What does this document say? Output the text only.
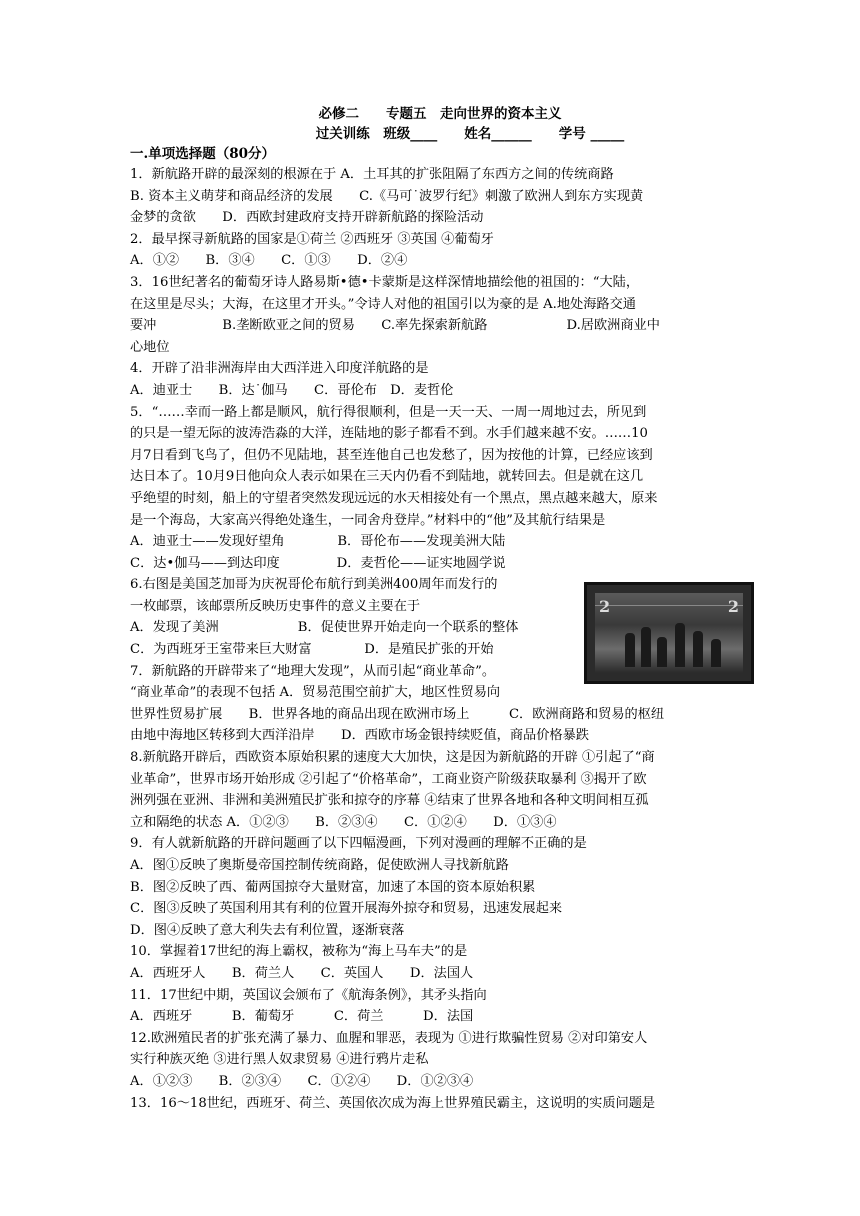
必修二　　专题五　走向世界的资本主义
过关训练　班级____　　姓名______　　学号 _____
一.单项选择题（80分）
1．新航路开辟的最深刻的根源在于 A．土耳其的扩张阻隔了东西方之间的传统商路
B. 资本主义萌芽和商品经济的发展　　C.《马可˙波罗行纪》刺激了欧洲人到东方实现黄
金梦的贪欲　　D．西欧封建政府支持开辟新航路的探险活动
2．最早探寻新航路的国家是①荷兰 ②西班牙 ③英国 ④葡萄牙
A．①②　　B．③④　　C．①③　　D．②④
3．16世纪著名的葡萄牙诗人路易斯•德•卡蒙斯是这样深情地描绘他的祖国的：“大陆，
在这里是尽头；大海，在这里才开头。”令诗人对他的祖国引以为豪的是 A.地处海路交通
要冲　　　　　B.垄断欧亚之间的贸易　　C.率先探索新航路　　　　　　D.居欧洲商业中
心地位
4．开辟了沿非洲海岸由大西洋进入印度洋航路的是
A．迪亚士　　B．达˙伽马　　C．哥伦布　D．麦哲伦
5．“……幸而一路上都是顺风，航行得很顺利，但是一天一天、一周一周地过去，所见到
的只是一望无际的波涛浩淼的大洋，连陆地的影子都看不到。水手们越来越不安。……10
月7日看到飞鸟了，但仍不见陆地，甚至连他自己也发愁了，因为按他的计算，已经应该到
达日本了。10月9日他向众人表示如果在三天内仍看不到陆地，就转回去。但是就在这几
乎绝望的时刻，船上的守望者突然发现远远的水天相接处有一个黑点，黑点越来越大，原来
是一个海岛，大家高兴得绝处逢生，一同舍舟登岸。”材料中的“他”及其航行结果是
A．迪亚士——发现好望角　　　　B．哥伦布——发现美洲大陆
C．达•伽马——到达印度　　　　 D．麦哲伦——证实地圆学说
6.右图是美国芝加哥为庆祝哥伦布航行到美洲400周年而发行的
一枚邮票，该邮票所反映历史事件的意义主要在于
A．发现了美洲　　　　　　B．促使世界开始走向一个联系的整体
C．为西班牙王室带来巨大财富　　　　D．是殖民扩张的开始
7．新航路的开辟带来了“地理大发现”，从而引起“商业革命”。
“商业革命”的表现不包括 A．贸易范围空前扩大，地区性贸易向
世界性贸易扩展　　B．世界各地的商品出现在欧洲市场上　　　C．欧洲商路和贸易的枢纽
由地中海地区转移到大西洋沿岸　　D．西欧市场金银持续贬值，商品价格暴跌
8.新航路开辟后，西欧资本原始积累的速度大大加快，这是因为新航路的开辟 ①引起了“商
业革命”，世界市场开始形成 ②引起了“价格革命”，工商业资产阶级获取暴利 ③揭开了欧
洲列强在亚洲、非洲和美洲殖民扩张和掠夺的序幕 ④结束了世界各地和各种文明间相互孤
立和隔绝的状态 A．①②③　　B．②③④　　C．①②④　　D．①③④
9．有人就新航路的开辟问题画了以下四幅漫画，下列对漫画的理解不正确的是
A．图①反映了奥斯曼帝国控制传统商路，促使欧洲人寻找新航路
B．图②反映了西、葡两国掠夺大量财富，加速了本国的资本原始积累
C．图③反映了英国利用其有利的位置开展海外掠夺和贸易，迅速发展起来
D．图④反映了意大利失去有利位置，逐渐衰落
10．掌握着17世纪的海上霸权，被称为“海上马车夫”的是
A．西班牙人　　B．荷兰人　　C．英国人　　D．法国人
11．17世纪中期，英国议会颁布了《航海条例》，其矛头指向
A．西班牙　　　B．葡萄牙　　　C．荷兰　　　D．法国
12.欧洲殖民者的扩张充满了暴力、血腥和罪恶，表现为 ①进行欺骗性贸易 ②对印第安人
实行种族灭绝 ③进行黑人奴隶贸易 ④进行鸦片走私
A．①②③　　B．②③④　　C．①②④　　D．①②③④
13．16～18世纪，西班牙、荷兰、英国依次成为海上世界殖民霸主，这说明的实质问题是
2	2
